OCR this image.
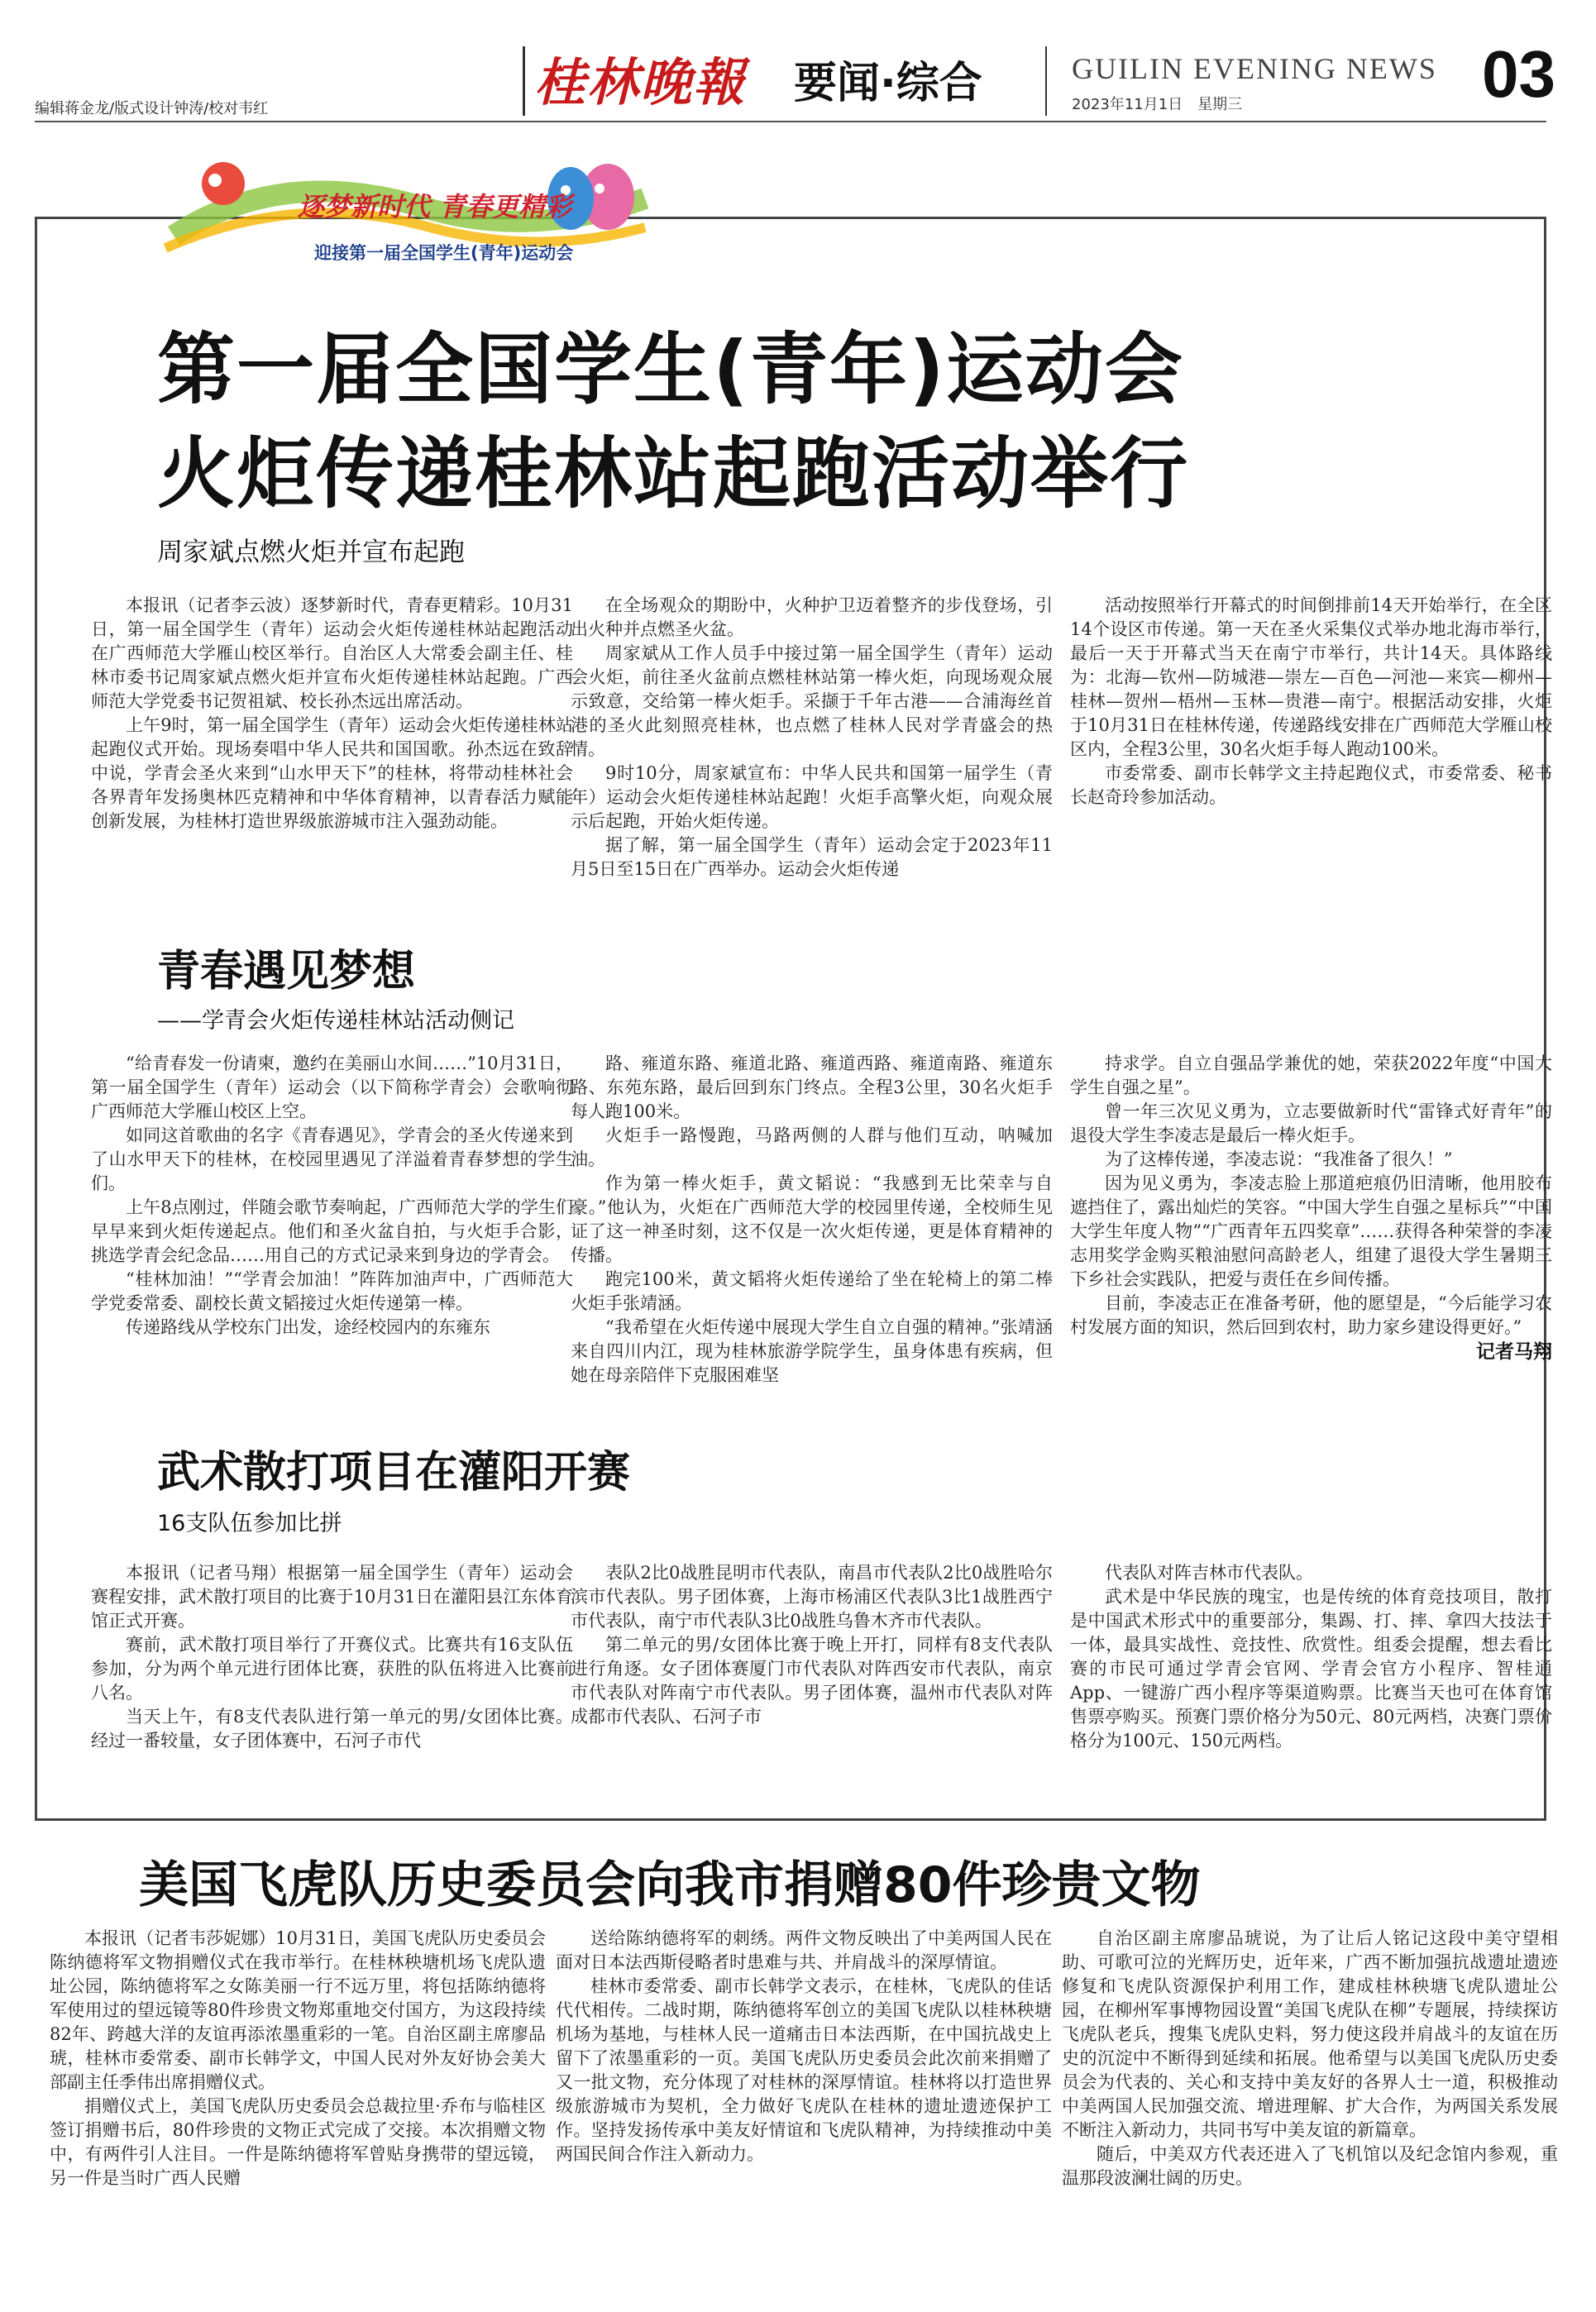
编辑蒋金龙/版式设计钟涛/校对韦红	桂林晚報 要闻·综合	GUILIN EVENING NEWS
2023年11月1日　星期三	03
逐梦新时代 青春更精彩
迎接第一届全国学生(青年)运动会
第一届全国学生(青年)运动会
火炬传递桂林站起跑活动举行
周家斌点燃火炬并宣布起跑
本报讯（记者李云波）逐梦新时代，青春更精彩。10月31日，第一届全国学生（青年）运动会火炬传递桂林站起跑活动在广西师范大学雁山校区举行。自治区人大常委会副主任、桂林市委书记周家斌点燃火炬并宣布火炬传递桂林站起跑。广西师范大学党委书记贺祖斌、校长孙杰远出席活动。
上午9时，第一届全国学生（青年）运动会火炬传递桂林站起跑仪式开始。现场奏唱中华人民共和国国歌。孙杰远在致辞中说，学青会圣火来到“山水甲天下”的桂林，将带动桂林社会各界青年发扬奥林匹克精神和中华体育精神，以青春活力赋能创新发展，为桂林打造世界级旅游城市注入强劲动能。
在全场观众的期盼中，火种护卫迈着整齐的步伐登场，引出火种并点燃圣火盆。
周家斌从工作人员手中接过第一届全国学生（青年）运动会火炬，前往圣火盆前点燃桂林站第一棒火炬，向现场观众展示致意，交给第一棒火炬手。采撷于千年古港——合浦海丝首港的圣火此刻照亮桂林，也点燃了桂林人民对学青盛会的热情。
9时10分，周家斌宣布：中华人民共和国第一届学生（青年）运动会火炬传递桂林站起跑！火炬手高擎火炬，向观众展示后起跑，开始火炬传递。
据了解，第一届全国学生（青年）运动会定于2023年11月5日至15日在广西举办。运动会火炬传递
活动按照举行开幕式的时间倒排前14天开始举行，在全区14个设区市传递。第一天在圣火采集仪式举办地北海市举行，最后一天于开幕式当天在南宁市举行，共计14天。具体路线为：北海—钦州—防城港—崇左—百色—河池—来宾—柳州—桂林—贺州—梧州—玉林—贵港—南宁。根据活动安排，火炬于10月31日在桂林传递，传递路线安排在广西师范大学雁山校区内，全程3公里，30名火炬手每人跑动100米。
市委常委、副市长韩学文主持起跑仪式，市委常委、秘书长赵奇玲参加活动。
青春遇见梦想
——学青会火炬传递桂林站活动侧记
“给青春发一份请柬，邀约在美丽山水间……”10月31日，第一届全国学生（青年）运动会（以下简称学青会）会歌响彻广西师范大学雁山校区上空。
如同这首歌曲的名字《青春遇见》，学青会的圣火传递来到了山水甲天下的桂林，在校园里遇见了洋溢着青春梦想的学生们。
上午8点刚过，伴随会歌节奏响起，广西师范大学的学生们早早来到火炬传递起点。他们和圣火盆自拍，与火炬手合影，挑选学青会纪念品……用自己的方式记录来到身边的学青会。
“桂林加油！”“学青会加油！”阵阵加油声中，广西师范大学党委常委、副校长黄文韬接过火炬传递第一棒。
传递路线从学校东门出发，途经校园内的东雍东
路、雍道东路、雍道北路、雍道西路、雍道南路、雍道东路、东苑东路，最后回到东门终点。全程3公里，30名火炬手每人跑100米。
火炬手一路慢跑，马路两侧的人群与他们互动，呐喊加油。
作为第一棒火炬手，黄文韬说：“我感到无比荣幸与自豪。”他认为，火炬在广西师范大学的校园里传递，全校师生见证了这一神圣时刻，这不仅是一次火炬传递，更是体育精神的传播。
跑完100米，黄文韬将火炬传递给了坐在轮椅上的第二棒火炬手张靖涵。
“我希望在火炬传递中展现大学生自立自强的精神。”张靖涵来自四川内江，现为桂林旅游学院学生，虽身体患有疾病，但她在母亲陪伴下克服困难坚
持求学。自立自强品学兼优的她，荣获2022年度“中国大学生自强之星”。
曾一年三次见义勇为，立志要做新时代“雷锋式好青年”的退役大学生李凌志是最后一棒火炬手。
为了这棒传递，李凌志说：“我准备了很久！”
因为见义勇为，李凌志脸上那道疤痕仍旧清晰，他用胶布遮挡住了，露出灿烂的笑容。“中国大学生自强之星标兵”“中国大学生年度人物”“广西青年五四奖章”……获得各种荣誉的李凌志用奖学金购买粮油慰问高龄老人，组建了退役大学生暑期三下乡社会实践队，把爱与责任在乡间传播。
目前，李凌志正在准备考研，他的愿望是，“今后能学习农村发展方面的知识，然后回到农村，助力家乡建设得更好。”
记者马翔
武术散打项目在灌阳开赛
16支队伍参加比拼
本报讯（记者马翔）根据第一届全国学生（青年）运动会赛程安排，武术散打项目的比赛于10月31日在灌阳县江东体育馆正式开赛。
赛前，武术散打项目举行了开赛仪式。比赛共有16支队伍参加，分为两个单元进行团体比赛，获胜的队伍将进入比赛前八名。
当天上午，有8支代表队进行第一单元的男/女团体比赛。经过一番较量，女子团体赛中，石河子市代
表队2比0战胜昆明市代表队，南昌市代表队2比0战胜哈尔滨市代表队。男子团体赛，上海市杨浦区代表队3比1战胜西宁市代表队，南宁市代表队3比0战胜乌鲁木齐市代表队。
第二单元的男/女团体比赛于晚上开打，同样有8支代表队进行角逐。女子团体赛厦门市代表队对阵西安市代表队，南京市代表队对阵南宁市代表队。男子团体赛，温州市代表队对阵成都市代表队、石河子市
代表队对阵吉林市代表队。
武术是中华民族的瑰宝，也是传统的体育竞技项目，散打是中国武术形式中的重要部分，集踢、打、摔、拿四大技法于一体，最具实战性、竞技性、欣赏性。组委会提醒，想去看比赛的市民可通过学青会官网、学青会官方小程序、智桂通App、一键游广西小程序等渠道购票。比赛当天也可在体育馆售票亭购买。预赛门票价格分为50元、80元两档，决赛门票价格分为100元、150元两档。
美国飞虎队历史委员会向我市捐赠80件珍贵文物
本报讯（记者韦莎妮娜）10月31日，美国飞虎队历史委员会陈纳德将军文物捐赠仪式在我市举行。在桂林秧塘机场飞虎队遗址公园，陈纳德将军之女陈美丽一行不远万里，将包括陈纳德将军使用过的望远镜等80件珍贵文物郑重地交付国方，为这段持续82年、跨越大洋的友谊再添浓墨重彩的一笔。自治区副主席廖品琥，桂林市委常委、副市长韩学文，中国人民对外友好协会美大部副主任季伟出席捐赠仪式。
捐赠仪式上，美国飞虎队历史委员会总裁拉里·乔布与临桂区签订捐赠书后，80件珍贵的文物正式完成了交接。本次捐赠文物中，有两件引人注目。一件是陈纳德将军曾贴身携带的望远镜，另一件是当时广西人民赠
送给陈纳德将军的刺绣。两件文物反映出了中美两国人民在面对日本法西斯侵略者时患难与共、并肩战斗的深厚情谊。
桂林市委常委、副市长韩学文表示，在桂林，飞虎队的佳话代代相传。二战时期，陈纳德将军创立的美国飞虎队以桂林秧塘机场为基地，与桂林人民一道痛击日本法西斯，在中国抗战史上留下了浓墨重彩的一页。美国飞虎队历史委员会此次前来捐赠了又一批文物，充分体现了对桂林的深厚情谊。桂林将以打造世界级旅游城市为契机，全力做好飞虎队在桂林的遗址遗迹保护工作。坚持发扬传承中美友好情谊和飞虎队精神，为持续推动中美两国民间合作注入新动力。
自治区副主席廖品琥说，为了让后人铭记这段中美守望相助、可歌可泣的光辉历史，近年来，广西不断加强抗战遗址遗迹修复和飞虎队资源保护利用工作，建成桂林秧塘飞虎队遗址公园，在柳州军事博物园设置“美国飞虎队在柳”专题展，持续探访飞虎队老兵，搜集飞虎队史料，努力使这段并肩战斗的友谊在历史的沉淀中不断得到延续和拓展。他希望与以美国飞虎队历史委员会为代表的、关心和支持中美友好的各界人士一道，积极推动中美两国人民加强交流、增进理解、扩大合作，为两国关系发展不断注入新动力，共同书写中美友谊的新篇章。
随后，中美双方代表还进入了飞机馆以及纪念馆内参观，重温那段波澜壮阔的历史。
